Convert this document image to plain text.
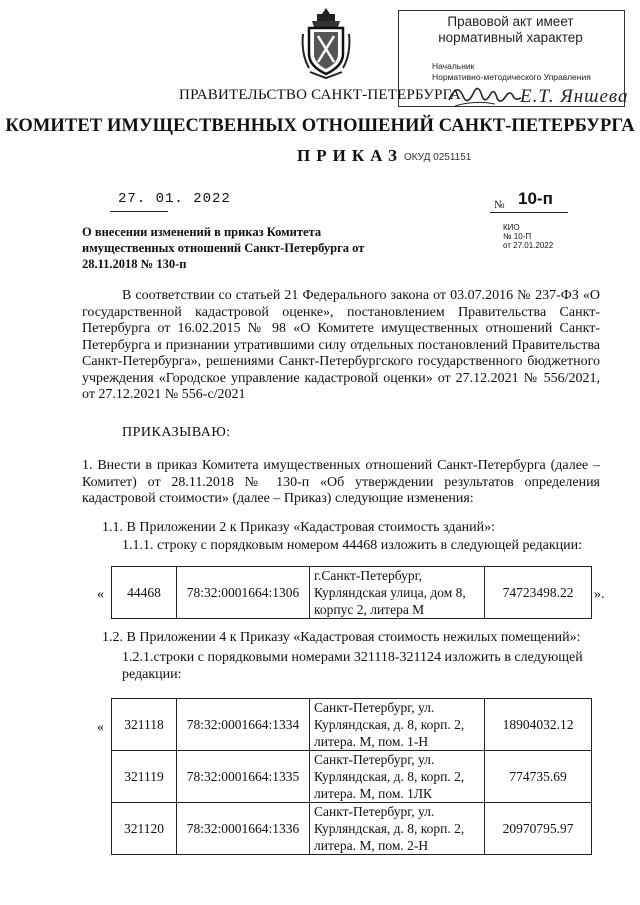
Правовой акт имеет
нормативный характер
Начальник
Нормативно-методического Управления
Е.Т. Яншева
ПРАВИТЕЛЬСТВО САНКТ-ПЕТЕРБУРГА
КОМИТЕТ ИМУЩЕСТВЕННЫХ ОТНОШЕНИЙ САНКТ-ПЕТЕРБУРГА
ПРИКАЗ ОКУД 0251151
27. 01. 2022	№ 10-п
КИО
№ 10-П
от 27.01.2022
О внесении изменений в приказ Комитета имущественных отношений Санкт-Петербурга от 28.11.2018 № 130-п
В соответствии со статьей 21 Федерального закона от 03.07.2016 № 237-ФЗ «О государственной кадастровой оценке», постановлением Правительства Санкт-Петербурга от 16.02.2015 № 98 «О Комитете имущественных отношений Санкт-Петербурга и признании утратившими силу отдельных постановлений Правительства Санкт-Петербурга», решениями Санкт-Петербургского государственного бюджетного учреждения «Городское управление кадастровой оценки» от 27.12.2021 № 556/2021, от 27.12.2021 № 556-с/2021
ПРИКАЗЫВАЮ:
1. Внести в приказ Комитета имущественных отношений Санкт-Петербурга (далее – Комитет) от 28.11.2018 № 130-п «Об утверждении результатов определения кадастровой стоимости» (далее – Приказ) следующие изменения:
1.1. В Приложении 2 к Приказу «Кадастровая стоимость зданий»:
1.1.1. строку с порядковым номером 44468 изложить в следующей редакции:
« 44468	78:32:0001664:1306	г.Санкт-Петербург, Курляндская улица, дом 8, корпус 2, литера М	74723498.22 ».
1.2. В Приложении 4 к Приказу «Кадастровая стоимость нежилых помещений»:
1.2.1.строки с порядковыми номерами 321118-321124 изложить в следующей редакции:
« 321118	78:32:0001664:1334	Санкт-Петербург, ул. Курляндская, д. 8, корп. 2, литера. М, пом. 1-Н	18904032.12
321119	78:32:0001664:1335	Санкт-Петербург, ул. Курляндская, д. 8, корп. 2, литера. М, пом. 1ЛК	774735.69
321120	78:32:0001664:1336	Санкт-Петербург, ул. Курляндская, д. 8, корп. 2, литера. М, пом. 2-Н	20970795.97
